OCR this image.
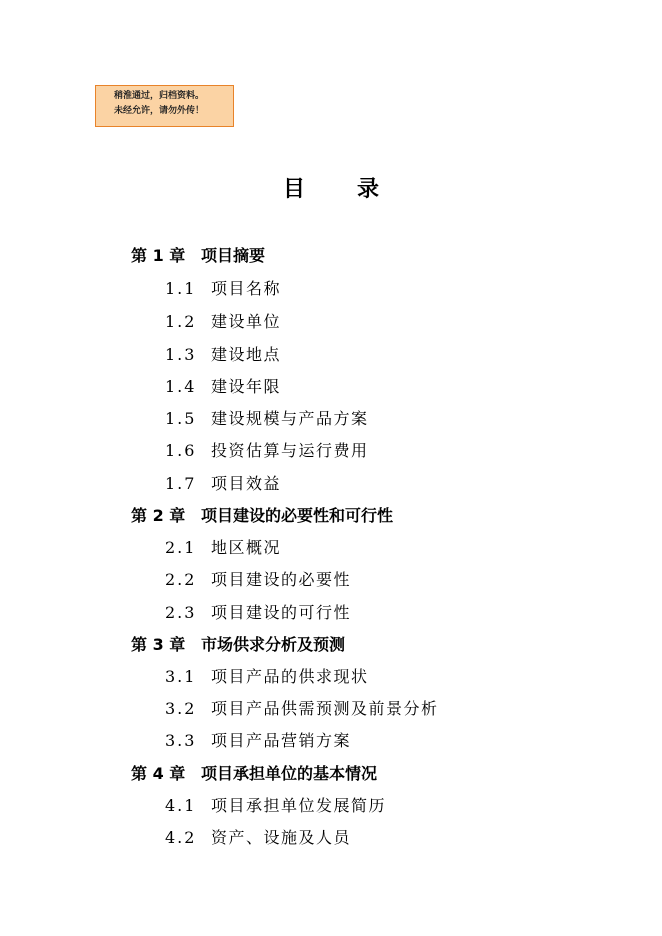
稍淮通过，归档资料。
未经允许，请勿外传！
目 录
第 1 章 项目摘要
1.1 项目名称
1.2 建设单位
1.3 建设地点
1.4 建设年限
1.5 建设规模与产品方案
1.6 投资估算与运行费用
1.7 项目效益
第 2 章 项目建设的必要性和可行性
2.1 地区概况
2.2 项目建设的必要性
2.3 项目建设的可行性
第 3 章 市场供求分析及预测
3.1 项目产品的供求现状
3.2 项目产品供需预测及前景分析
3.3 项目产品营销方案
第 4 章 项目承担单位的基本情况
4.1 项目承担单位发展简历
4.2 资产、设施及人员
